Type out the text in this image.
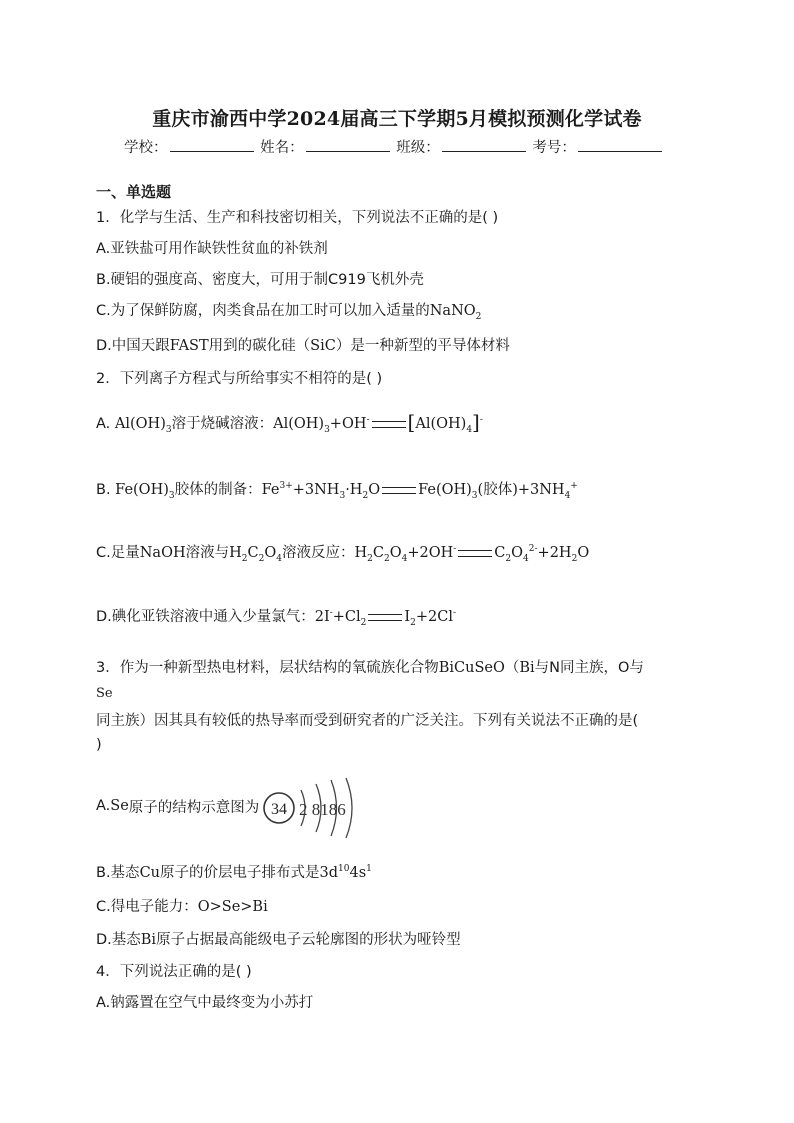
重庆市渝西中学2024届高三下学期5月模拟预测化学试卷
学校：	姓名：	班级：	考号：
一、单选题
1．化学与生活、生产和科技密切相关，下列说法不正确的是( )
A.亚铁盐可用作缺铁性贫血的补铁剂
B.硬铝的强度高、密度大，可用于制C919飞机外壳
C.为了保鲜防腐，肉类食品在加工时可以加入适量的NaNO$_2$
D.中国天跟FAST用到的碳化硅（SiC）是一种新型的平导体材料
2．下列离子方程式与所给事实不相符的是( )
A. $Al(OH)_3$溶于烧碱溶液：$Al(OH)_3+OH^-$ $[Al(OH)_4]^-$
B. $Fe(OH)_3$胶体的制备：$Fe^{3+}+3NH_3\cdot H_2O$	$Fe(OH)_3$(胶体)$+3NH_4^+$
C.足量NaOH溶液与$H_2C_2O_4$溶液反应：$H_2C_2O_4+2OH^-$	$C_2O_4^{2-}+2H_2O$
D.碘化亚铁溶液中通入少量氯气：$2I^-+Cl_2$	$I_2+2Cl^-$
3．作为一种新型热电材料，层状结构的氧硫族化合物BiCuSeO（Bi与N同主族，O与
Se
同主族）因其具有较低的热导率而受到研究者的广泛关注。下列有关说法不正确的是(
)
A. Se 原子的结构示意图为 34 2 8186
B.基态Cu原子的价层电子排布式是$3d^{10}4s^1$
C.得电子能力：O>Se>Bi
D.基态Bi原子占据最高能级电子云轮廓图的形状为哑铃型
4．下列说法正确的是( )
A.钠露置在空气中最终变为小苏打
